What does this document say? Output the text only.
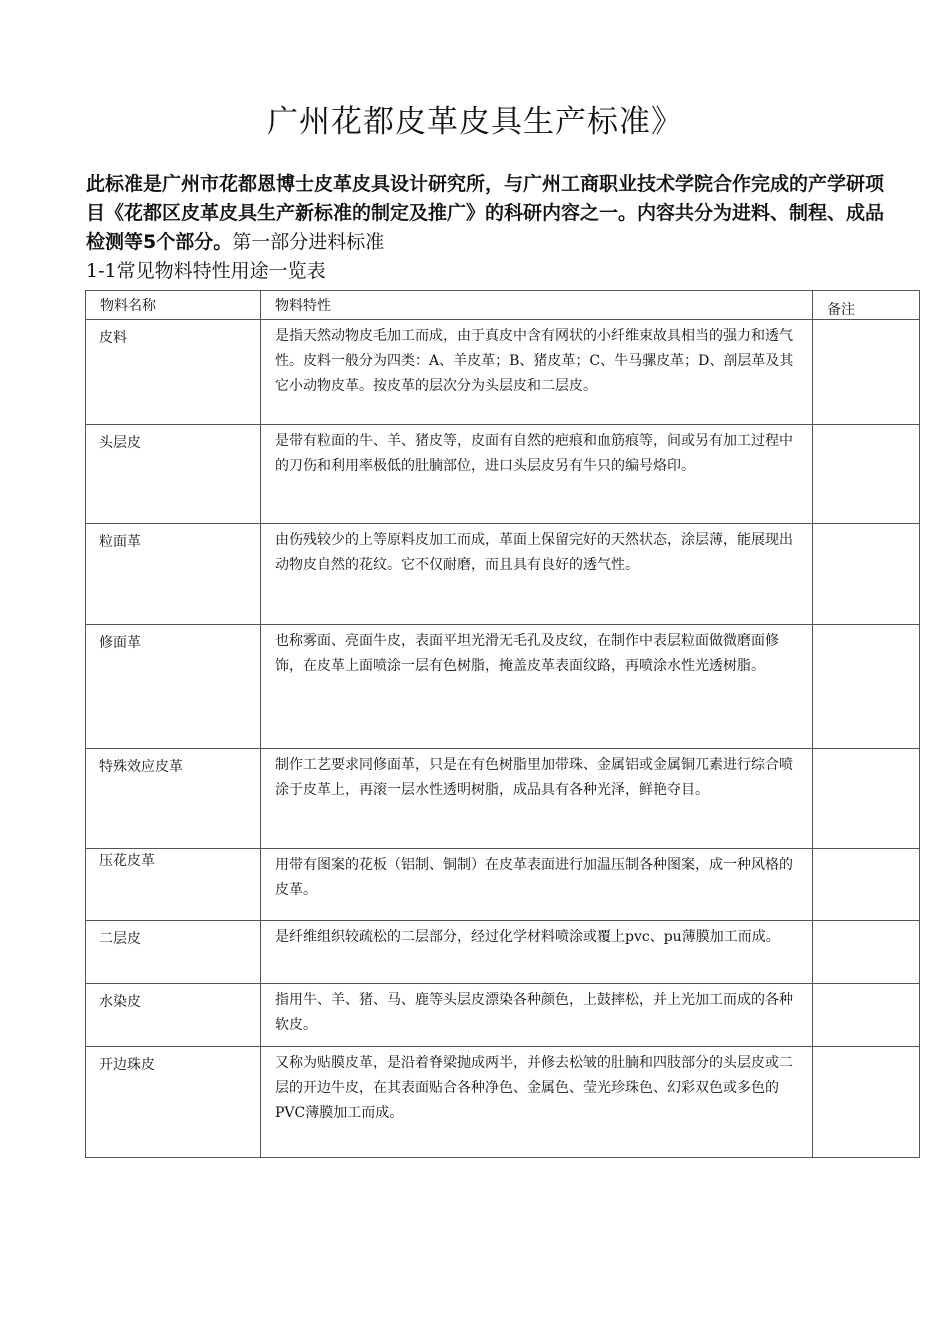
广州花都皮革皮具生产标准》
此标准是广州市花都恩博士皮革皮具设计研究所，与广州工商职业技术学院合作完成的产学研项目《花都区皮革皮具生产新标准的制定及推广》的科研内容之一。内容共分为进料、制程、成品检测等5个部分。第一部分进料标准
1-1常见物料特性用途一览表
物料名称	物料特性	备注

皮料	是指天然动物皮毛加工而成，由于真皮中含有网状的小纤维束故具相当的强力和透气性。皮料一般分为四类：A、羊皮革；B、猪皮革；C、牛马骡皮革；D、剖层革及其它小动物皮革。按皮革的层次分为头层皮和二层皮。	

头层皮	是带有粒面的牛、羊、猪皮等，皮面有自然的疤痕和血筋痕等，间或另有加工过程中的刀伤和利用率极低的肚腩部位，进口头层皮另有牛只的编号烙印。	

粒面革	由伤残较少的上等原料皮加工而成，革面上保留完好的天然状态，涂层薄，能展现出动物皮自然的花纹。它不仅耐磨，而且具有良好的透气性。	

修面革	也称雾面、亮面牛皮，表面平坦光滑无毛孔及皮纹，在制作中表层粒面做微磨面修饰，在皮革上面喷涂一层有色树脂，掩盖皮革表面纹路，再喷涂水性光透树脂。	

特殊效应皮革	制作工艺要求同修面革，只是在有色树脂里加带珠、金属铝或金属铜兀素进行综合喷涂于皮革上，再滚一层水性透明树脂，成品具有各种光泽，鲜艳夺目。	

压花皮革	用带有图案的花板（铝制、铜制）在皮革表面进行加温压制各种图案，成一种风格的皮革。	

二层皮	是纤维组织较疏松的二层部分，经过化学材料喷涂或覆上pvc、pu薄膜加工而成。	

水染皮	指用牛、羊、猪、马、鹿等头层皮漂染各种颜色，上鼓摔松，并上光加工而成的各种软皮。	

开边珠皮	又称为贴膜皮革，是沿着脊梁抛成两半，并修去松皱的肚腩和四肢部分的头层皮或二层的开边牛皮，在其表面贴合各种净色、金属色、莹光珍珠色、幻彩双色或多色的PVC薄膜加工而成。	
